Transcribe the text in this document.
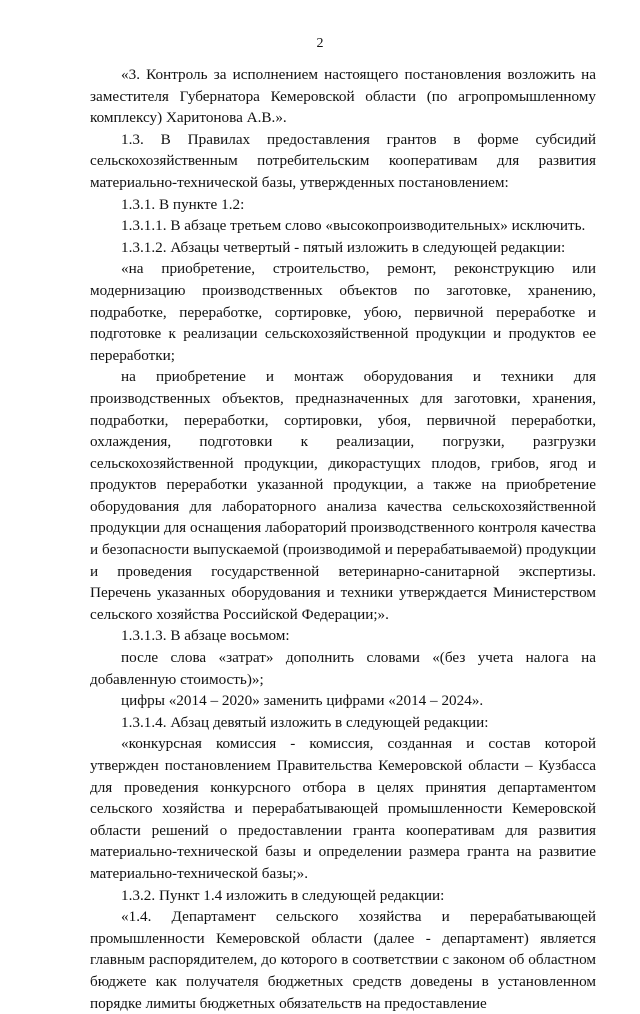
2

«3. Контроль за исполнением настоящего постановления возложить на заместителя Губернатора Кемеровской области (по агропромышленному комплексу) Харитонова А.В.».

1.3. В Правилах предоставления грантов в форме субсидий сельскохозяйственным потребительским кооперативам для развития материально-технической базы, утвержденных постановлением:

1.3.1. В пункте 1.2:

1.3.1.1. В абзаце третьем слово «высокопроизводительных» исключить.

1.3.1.2. Абзацы четвертый - пятый изложить в следующей редакции:

«на приобретение, строительство, ремонт, реконструкцию или модернизацию производственных объектов по заготовке, хранению, подработке, переработке, сортировке, убою, первичной переработке и подготовке к реализации сельскохозяйственной продукции и продуктов ее переработки;

на приобретение и монтаж оборудования и техники для производственных объектов, предназначенных для заготовки, хранения, подработки, переработки, сортировки, убоя, первичной переработки, охлаждения, подготовки к реализации, погрузки, разгрузки сельскохозяйственной продукции, дикорастущих плодов, грибов, ягод и продуктов переработки указанной продукции, а также на приобретение оборудования для лабораторного анализа качества сельскохозяйственной продукции для оснащения лабораторий производственного контроля качества и безопасности выпускаемой (производимой и перерабатываемой) продукции и проведения государственной ветеринарно-санитарной экспертизы. Перечень указанных оборудования и техники утверждается Министерством сельского хозяйства Российской Федерации;».

1.3.1.3. В абзаце восьмом:

после слова «затрат» дополнить словами «(без учета налога на добавленную стоимость)»;

цифры «2014 – 2020» заменить цифрами «2014 – 2024».

1.3.1.4. Абзац девятый изложить в следующей редакции:

«конкурсная комиссия - комиссия, созданная и состав которой утвержден постановлением Правительства Кемеровской области – Кузбасса для проведения конкурсного отбора в целях принятия департаментом сельского хозяйства и перерабатывающей промышленности Кемеровской области решений о предоставлении гранта кооперативам для развития материально-технической базы и определении размера гранта на развитие материально-технической базы;».

1.3.2. Пункт 1.4 изложить в следующей редакции:

«1.4. Департамент сельского хозяйства и перерабатывающей промышленности Кемеровской области (далее - департамент) является главным распорядителем, до которого в соответствии с законом об областном бюджете как получателя бюджетных средств доведены в установленном порядке лимиты бюджетных обязательств на предоставление
